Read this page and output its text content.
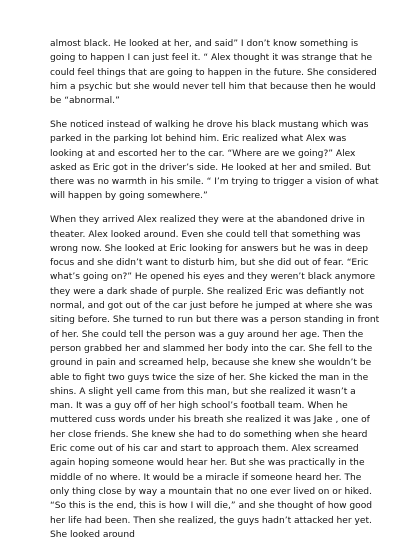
almost black. He looked at her, and said” I don’t know something is going to happen I can just feel it. “ Alex thought it was strange that he could feel things that are going to happen in the future. She considered him a psychic but she would never tell him that because then he would be “abnormal.”

She noticed instead of walking he drove his black mustang which was parked in the parking lot behind him. Eric realized what Alex was looking at and escorted her to the car. “Where are we going?” Alex asked as Eric got in the driver’s side. He looked at her and smiled. But there was no warmth in his smile. “ I’m trying to trigger a vision of what will happen by going somewhere.”

When they arrived Alex realized they were at the abandoned drive in theater. Alex looked around. Even she could tell that something was wrong now. She looked at Eric looking for answers but he was in deep focus and she didn’t want to disturb him, but she did out of fear. “Eric what’s going on?” He opened his eyes and they weren’t black anymore they were a dark shade of purple. She realized Eric was defiantly not normal, and got out of the car just before he jumped at where she was siting before. She turned to run but there was a person standing in front of her. She could tell the person was a guy around her age. Then the person grabbed her and slammed her body into the car. She fell to the ground in pain and screamed help, because she knew she wouldn’t be able to fight two guys twice the size of her. She kicked the man in the shins. A slight yell came from this man, but she realized it wasn’t a man. It was a guy off of her high school’s football team. When he muttered cuss words under his breath she realized it was Jake , one of her close friends. She knew she had to do something when she heard Eric come out of his car and start to approach them. Alex screamed again hoping someone would hear her. But she was practically in the middle of no where. It would be a miracle if someone heard her. The only thing close by way a mountain that no one ever lived on or hiked. “So this is the end, this is how I will die,” and she thought of how good her life had been. Then she realized, the guys hadn’t attacked her yet. She looked around
